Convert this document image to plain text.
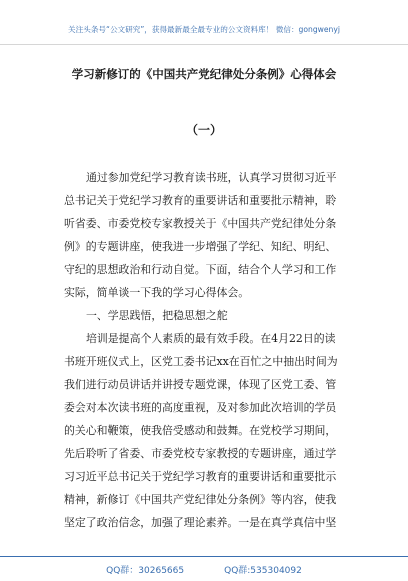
关注头条号“公文研究”，获得最新最全最专业的公文资料库！ 微信：gongwenyj
学习新修订的《中国共产党纪律处分条例》心得体会
（一）
通过参加党纪学习教育读书班，认真学习贯彻习近平
总书记关于党纪学习教育的重要讲话和重要批示精神，聆
听省委、市委党校专家教授关于《中国共产党纪律处分条
例》的专题讲座，使我进一步增强了学纪、知纪、明纪、
守纪的思想政治和行动自觉。下面，结合个人学习和工作
实际，简单谈一下我的学习心得体会。
一、学思践悟，把稳思想之舵
培训是提高个人素质的最有效手段。在4月22日的读
书班开班仪式上，区党工委书记xx在百忙之中抽出时间为
我们进行动员讲话并讲授专题党课，体现了区党工委、管
委会对本次读书班的高度重视，及对参加此次培训的学员
的关心和鞭策，使我倍受感动和鼓舞。在党校学习期间，
先后聆听了省委、市委党校专家教授的专题讲座，通过学
习习近平总书记关于党纪学习教育的重要讲话和重要批示
精神，新修订《中国共产党纪律处分条例》等内容，使我
坚定了政治信念，加强了理论素养。一是在真学真信中坚
QQ群：30265665	QQ群:535304092
